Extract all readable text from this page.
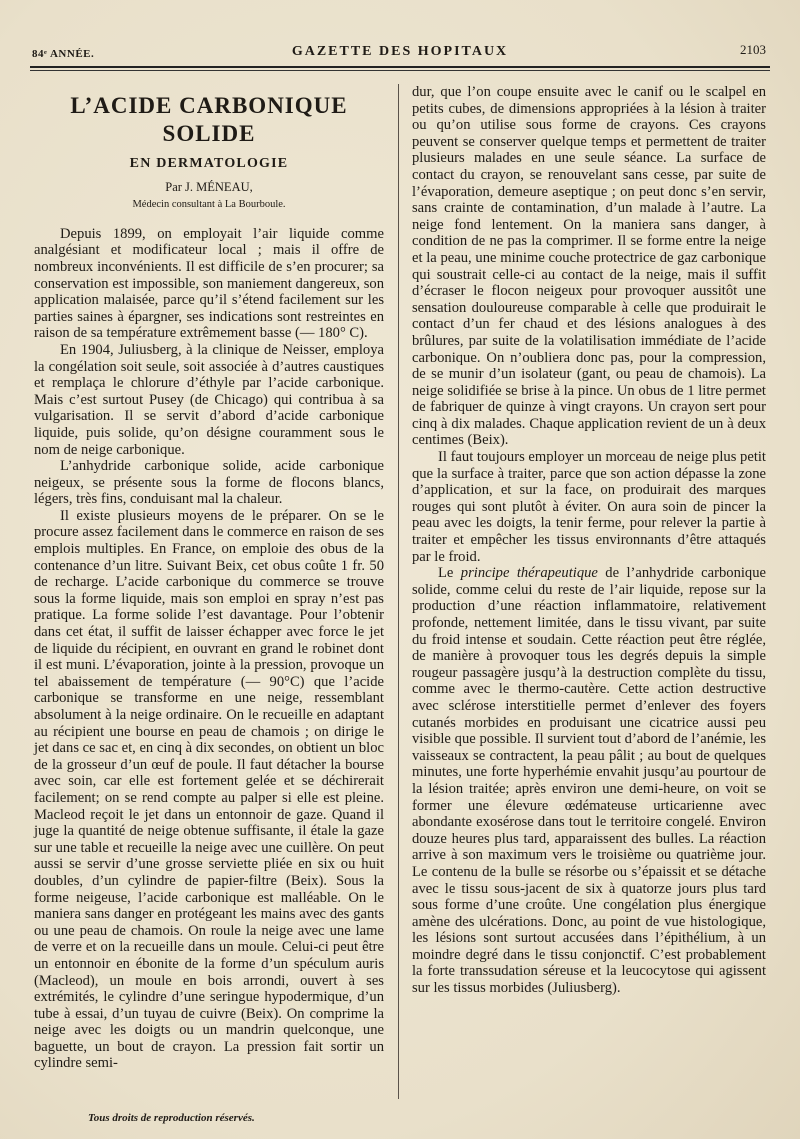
84ᵉ ANNÉE.	GAZETTE DES HOPITAUX	2103
L’ACIDE CARBONIQUE SOLIDE
EN DERMATOLOGIE
Par J. MÉNEAU,
Médecin consultant à La Bourboule.

Depuis 1899, on employait l’air liquide comme analgésiant et modificateur local ; mais il offre de nombreux inconvénients. Il est difficile de s’en procurer; sa conservation est impossible, son maniement dangereux, son application malaisée, parce qu’il s’étend facilement sur les parties saines à épargner, ses indications sont restreintes en raison de sa température extrêmement basse (— 180° C).

En 1904, Juliusberg, à la clinique de Neisser, employa la congélation soit seule, soit associée à d’autres caustiques et remplaça le chlorure d’éthyle par l’acide carbonique. Mais c’est surtout Pusey (de Chicago) qui contribua à sa vulgarisation. Il se servit d’abord d’acide carbonique liquide, puis solide, qu’on désigne couramment sous le nom de neige carbonique.

L’anhydride carbonique solide, acide carbonique neigeux, se présente sous la forme de flocons blancs, légers, très fins, conduisant mal la chaleur.

Il existe plusieurs moyens de le préparer. On se le procure assez facilement dans le commerce en raison de ses emplois multiples. En France, on emploie des obus de la contenance d’un litre. Suivant Beix, cet obus coûte 1 fr. 50 de recharge. L’acide carbonique du commerce se trouve sous la forme liquide, mais son emploi en spray n’est pas pratique. La forme solide l’est davantage. Pour l’obtenir dans cet état, il suffit de laisser échapper avec force le jet de liquide du récipient, en ouvrant en grand le robinet dont il est muni. L’évaporation, jointe à la pression, provoque un tel abaissement de température (— 90°C) que l’acide carbonique se transforme en une neige, ressemblant absolument à la neige ordinaire. On le recueille en adaptant au récipient une bourse en peau de chamois ; on dirige le jet dans ce sac et, en cinq à dix secondes, on obtient un bloc de la grosseur d’un œuf de poule. Il faut détacher la bourse avec soin, car elle est fortement gelée et se déchirerait facilement; on se rend compte au palper si elle est pleine. Macleod reçoit le jet dans un entonnoir de gaze. Quand il juge la quantité de neige obtenue suffisante, il étale la gaze sur une table et recueille la neige avec une cuillère. On peut aussi se servir d’une grosse serviette pliée en six ou huit doubles, d’un cylindre de papier-filtre (Beix). Sous la forme neigeuse, l’acide carbonique est malléable. On le maniera sans danger en protégeant les mains avec des gants ou une peau de chamois. On roule la neige avec une lame de verre et on la recueille dans un moule. Celui-ci peut être un entonnoir en ébonite de la forme d’un spéculum auris (Macleod), un moule en bois arrondi, ouvert à ses extrémités, le cylindre d’une seringue hypodermique, d’un tube à essai, d’un tuyau de cuivre (Beix). On comprime la neige avec les doigts ou un mandrin quelconque, une baguette, un bout de crayon. La pression fait sortir un cylindre semi-

dur, que l’on coupe ensuite avec le canif ou le scalpel en petits cubes, de dimensions appropriées à la lésion à traiter ou qu’on utilise sous forme de crayons. Ces crayons peuvent se conserver quelque temps et permettent de traiter plusieurs malades en une seule séance. La surface de contact du crayon, se renouvelant sans cesse, par suite de l’évaporation, demeure aseptique ; on peut donc s’en servir, sans crainte de contamination, d’un malade à l’autre. La neige fond lentement. On la maniera sans danger, à condition de ne pas la comprimer. Il se forme entre la neige et la peau, une minime couche protectrice de gaz carbonique qui soustrait celle-ci au contact de la neige, mais il suffit d’écraser le flocon neigeux pour provoquer aussitôt une sensation douloureuse comparable à celle que produirait le contact d’un fer chaud et des lésions analogues à des brûlures, par suite de la volatilisation immédiate de l’acide carbonique. On n’oubliera donc pas, pour la compression, de se munir d’un isolateur (gant, ou peau de chamois). La neige solidifiée se brise à la pince. Un obus de 1 litre permet de fabriquer de quinze à vingt crayons. Un crayon sert pour cinq à dix malades. Chaque application revient de un à deux centimes (Beix).

Il faut toujours employer un morceau de neige plus petit que la surface à traiter, parce que son action dépasse la zone d’application, et sur la face, on produirait des marques rouges qui sont plutôt à éviter. On aura soin de pincer la peau avec les doigts, la tenir ferme, pour relever la partie à traiter et empêcher les tissus environnants d’être attaqués par le froid.

Le principe thérapeutique de l’anhydride carbonique solide, comme celui du reste de l’air liquide, repose sur la production d’une réaction inflammatoire, relativement profonde, nettement limitée, dans le tissu vivant, par suite du froid intense et soudain. Cette réaction peut être réglée, de manière à provoquer tous les degrés depuis la simple rougeur passagère jusqu’à la destruction complète du tissu, comme avec le thermo-cautère. Cette action destructive avec sclérose interstitielle permet d’enlever des foyers cutanés morbides en produisant une cicatrice aussi peu visible que possible. Il survient tout d’abord de l’anémie, les vaisseaux se contractent, la peau pâlit ; au bout de quelques minutes, une forte hyperhémie envahit jusqu’au pourtour de la lésion traitée; après environ une demi-heure, on voit se former une élevure œdémateuse urticarienne avec abondante exosérose dans tout le territoire congelé. Environ douze heures plus tard, apparaissent des bulles. La réaction arrive à son maximum vers le troisième ou quatrième jour. Le contenu de la bulle se résorbe ou s’épaissit et se détache avec le tissu sous-jacent de six à quatorze jours plus tard sous forme d’une croûte. Une congélation plus énergique amène des ulcérations. Donc, au point de vue histologique, les lésions sont surtout accusées dans l’épithélium, à un moindre degré dans le tissu conjonctif. C’est probablement la forte transsudation séreuse et la leucocytose qui agissent sur les tissus morbides (Juliusberg).

Tous droits de reproduction réservés.
